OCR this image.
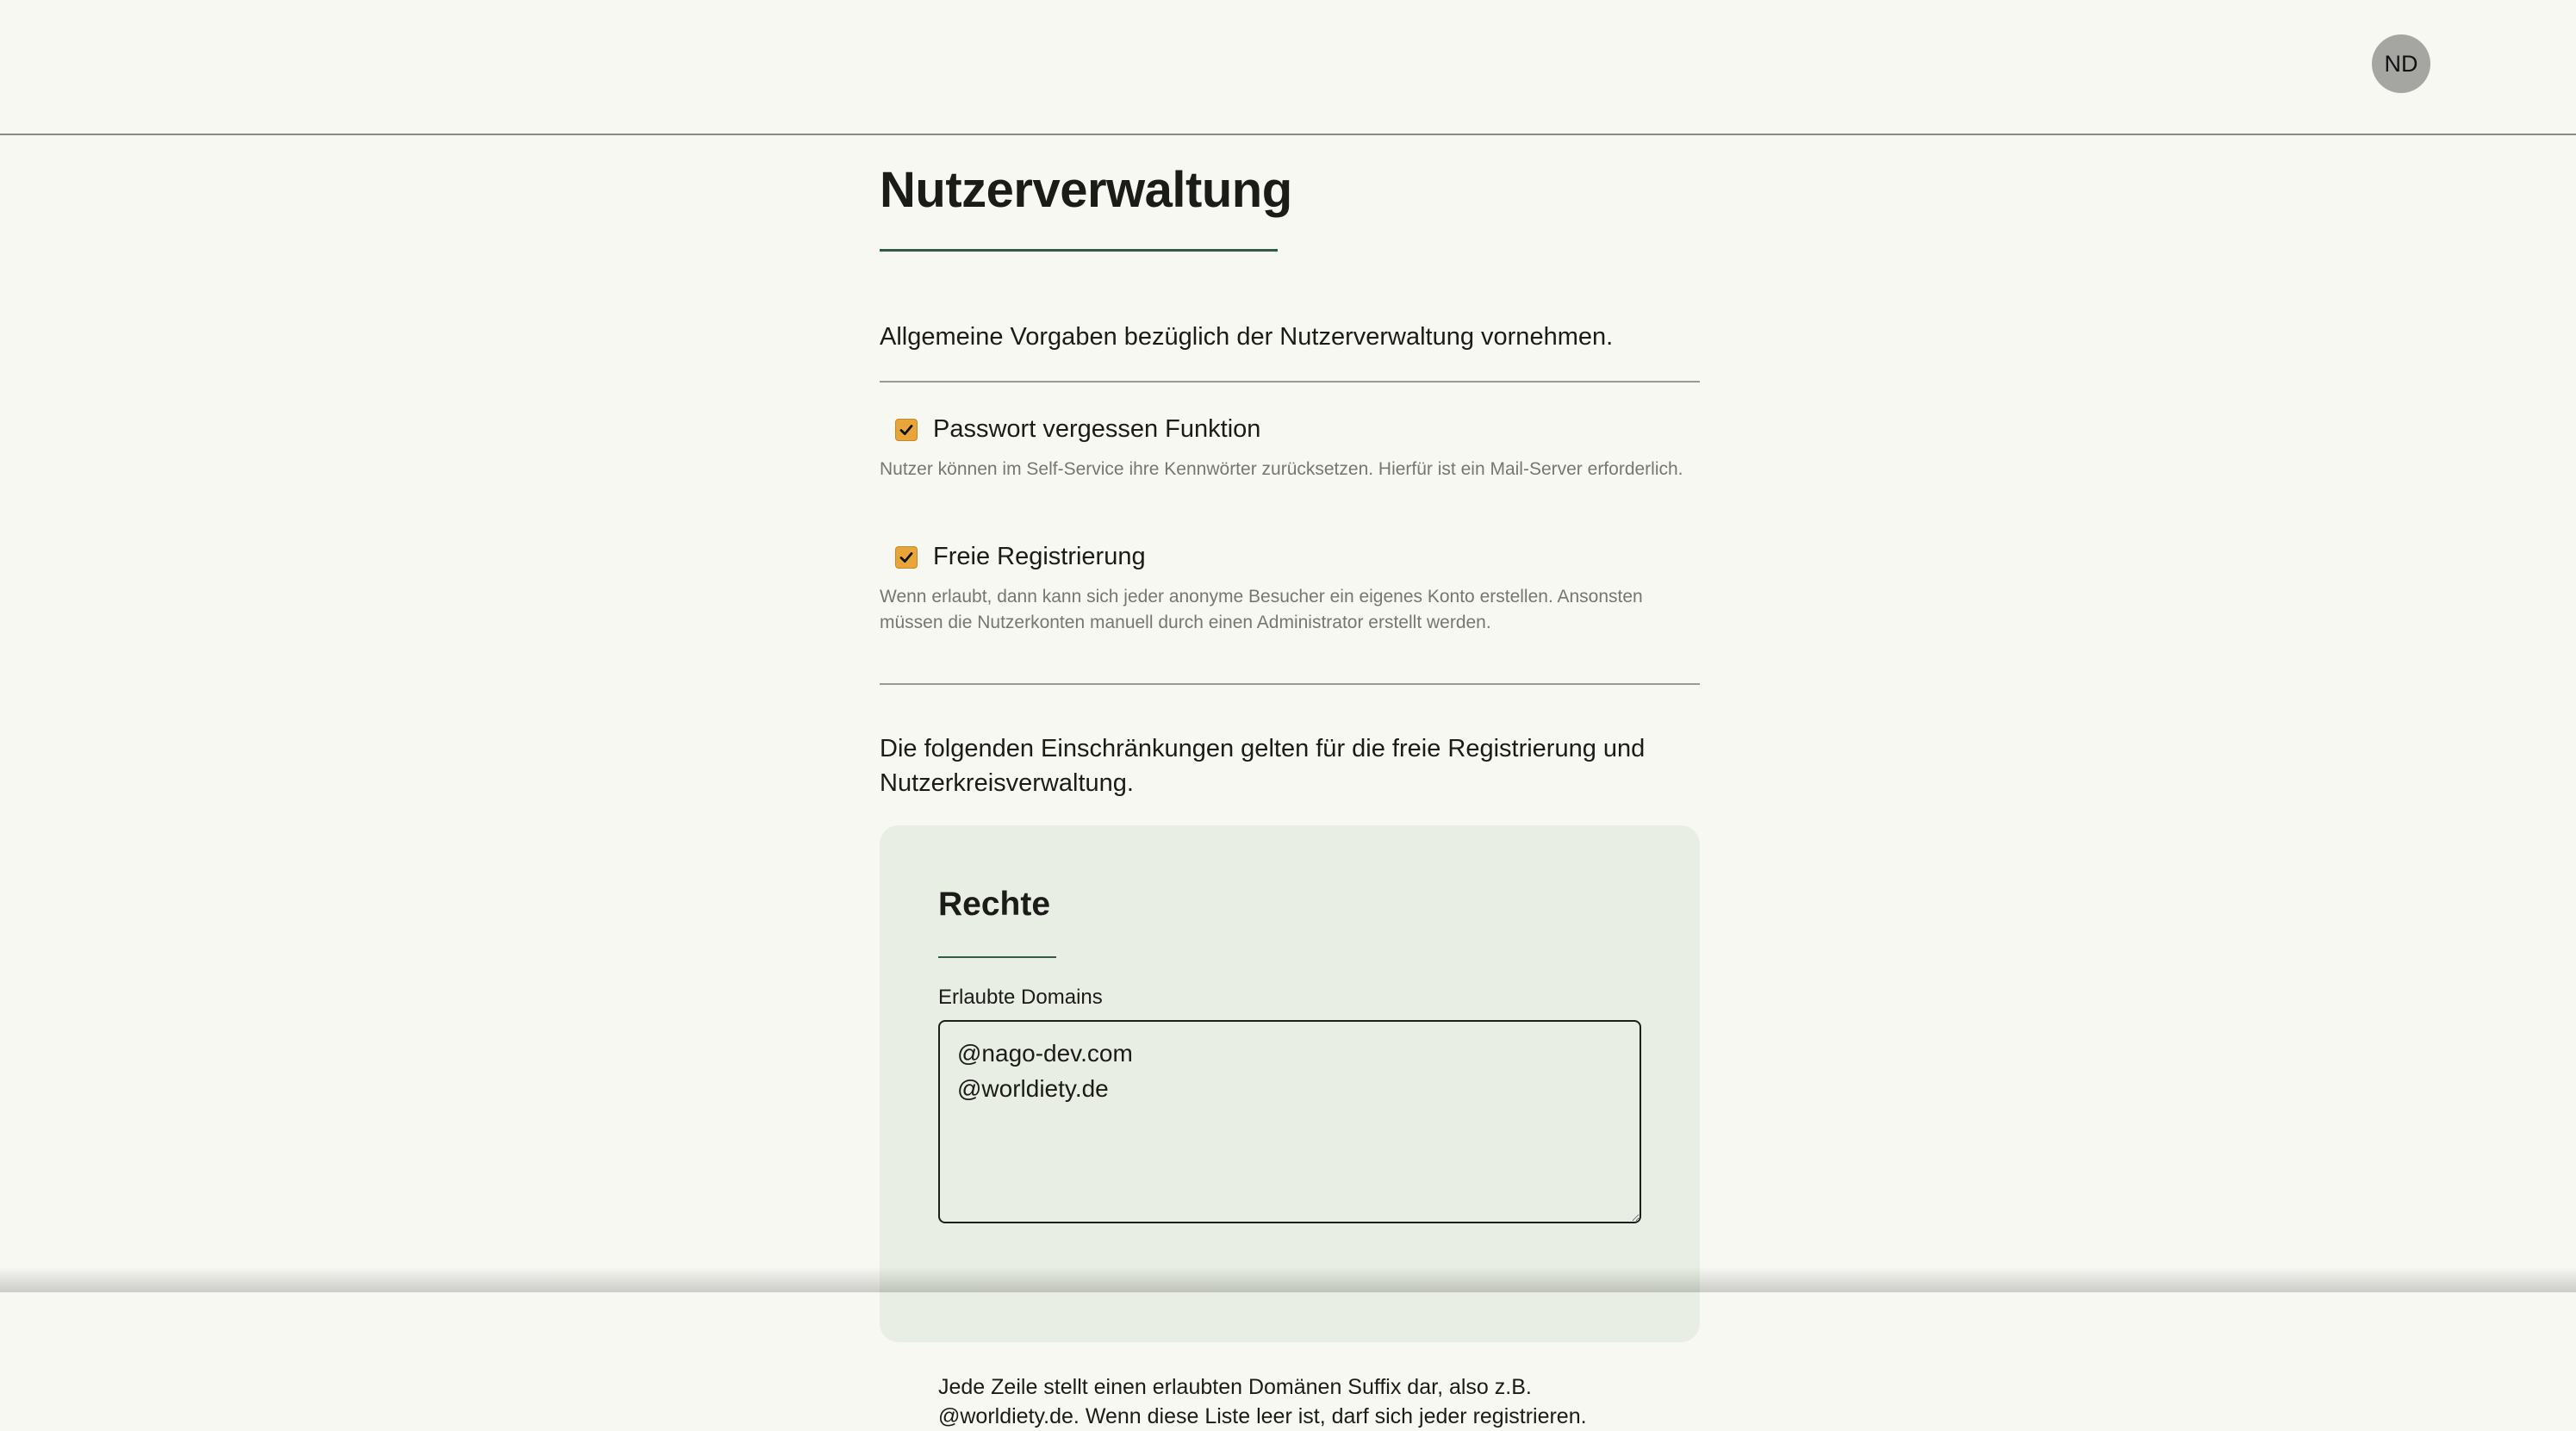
ND
Nutzerverwaltung
Allgemeine Vorgaben bezüglich der Nutzerverwaltung vornehmen.
Passwort vergessen Funktion
Nutzer können im Self-Service ihre Kennwörter zurücksetzen. Hierfür ist ein Mail-Server erforderlich.
Freie Registrierung
Wenn erlaubt, dann kann sich jeder anonyme Besucher ein eigenes Konto erstellen. Ansonsten müssen die Nutzerkonten manuell durch einen Administrator erstellt werden.
Die folgenden Einschränkungen gelten für die freie Registrierung und Nutzerkreisverwaltung.
Rechte
Erlaubte Domains
@nago-dev.com @worldiety.de
Jede Zeile stellt einen erlaubten Domänen Suffix dar, also z.B. @worldiety.de. Wenn diese Liste leer ist, darf sich jeder registrieren.
